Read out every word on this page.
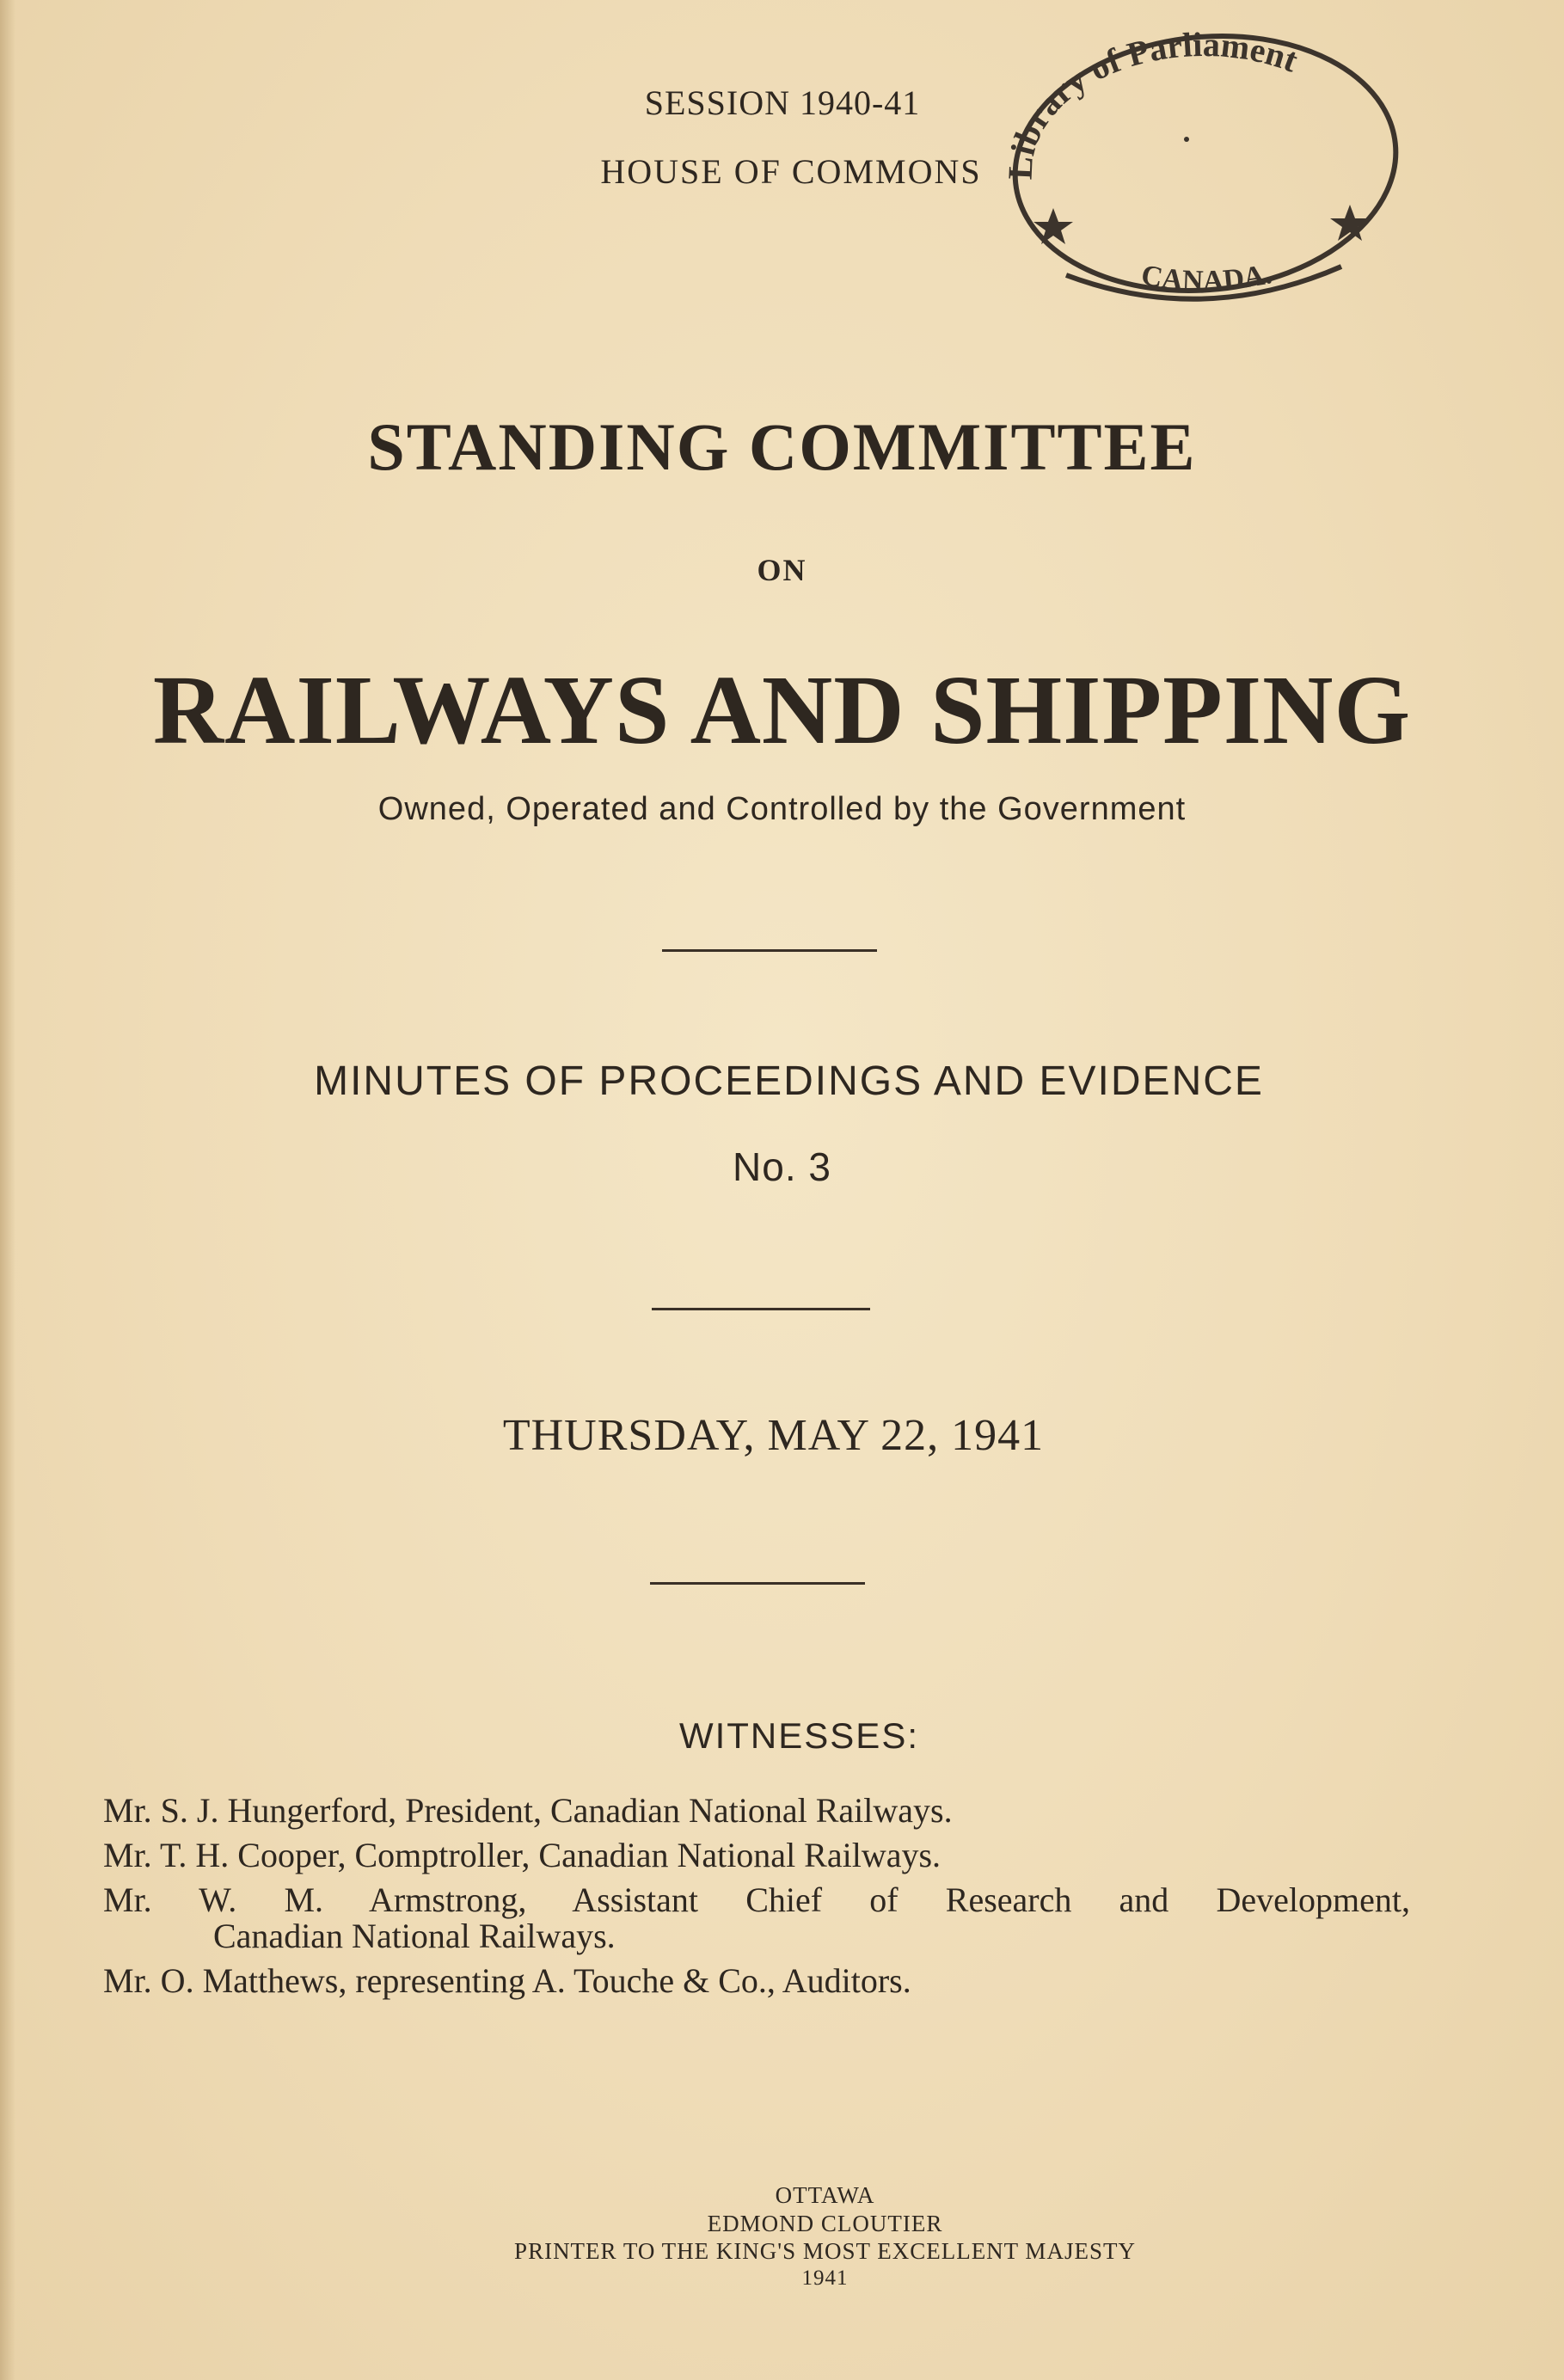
SESSION 1940-41
HOUSE OF COMMONS Library of Parliament
CANADA.
STANDING COMMITTEE
ON
RAILWAYS AND SHIPPING
Owned, Operated and Controlled by the Government
MINUTES OF PROCEEDINGS AND EVIDENCE
No. 3
THURSDAY, MAY 22, 1941
WITNESSES:
Mr. S. J. Hungerford, President, Canadian National Railways.
Mr. T. H. Cooper, Comptroller, Canadian National Railways.
Mr. W. M. Armstrong, Assistant Chief of Research and Development,
Canadian National Railways.
Mr. O. Matthews, representing A. Touche & Co., Auditors.
OTTAWA
EDMOND CLOUTIER
PRINTER TO THE KING'S MOST EXCELLENT MAJESTY
1941
